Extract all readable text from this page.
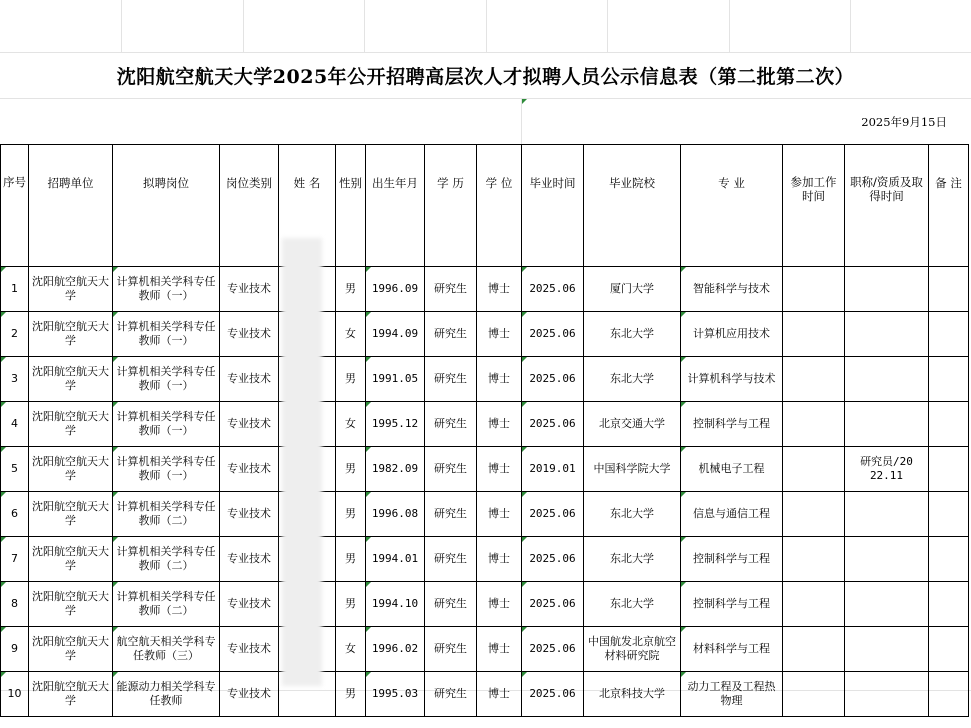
沈阳航空航天大学2025年公开招聘高层次人才拟聘人员公示信息表（第二批第二次）
2025年9月15日
序号	招聘单位	拟聘岗位	岗位类别	姓 名	性别	出生年月	学 历	学 位	毕业时间	毕业院校	专 业	参加工作时间	职称/资质及取得时间	备 注
1	沈阳航空航天大学	计算机相关学科专任教师（一）	专业技术		男	1996.09	研究生	博士	2025.06	厦门大学	智能科学与技术			
2	沈阳航空航天大学	计算机相关学科专任教师（一）	专业技术		女	1994.09	研究生	博士	2025.06	东北大学	计算机应用技术			
3	沈阳航空航天大学	计算机相关学科专任教师（一）	专业技术		男	1991.05	研究生	博士	2025.06	东北大学	计算机科学与技术			
4	沈阳航空航天大学	计算机相关学科专任教师（一）	专业技术		女	1995.12	研究生	博士	2025.06	北京交通大学	控制科学与工程			
5	沈阳航空航天大学	计算机相关学科专任教师（一）	专业技术		男	1982.09	研究生	博士	2019.01	中国科学院大学	机械电子工程		研究员/2022.11	
6	沈阳航空航天大学	计算机相关学科专任教师（二）	专业技术		男	1996.08	研究生	博士	2025.06	东北大学	信息与通信工程			
7	沈阳航空航天大学	计算机相关学科专任教师（二）	专业技术		男	1994.01	研究生	博士	2025.06	东北大学	控制科学与工程			
8	沈阳航空航天大学	计算机相关学科专任教师（二）	专业技术		男	1994.10	研究生	博士	2025.06	东北大学	控制科学与工程			
9	沈阳航空航天大学	航空航天相关学科专任教师（三）	专业技术		女	1996.02	研究生	博士	2025.06	中国航发北京航空材料研究院	材料科学与工程			
10	沈阳航空航天大学	能源动力相关学科专任教师	专业技术		男	1995.03	研究生	博士	2025.06	北京科技大学	动力工程及工程热物理			
